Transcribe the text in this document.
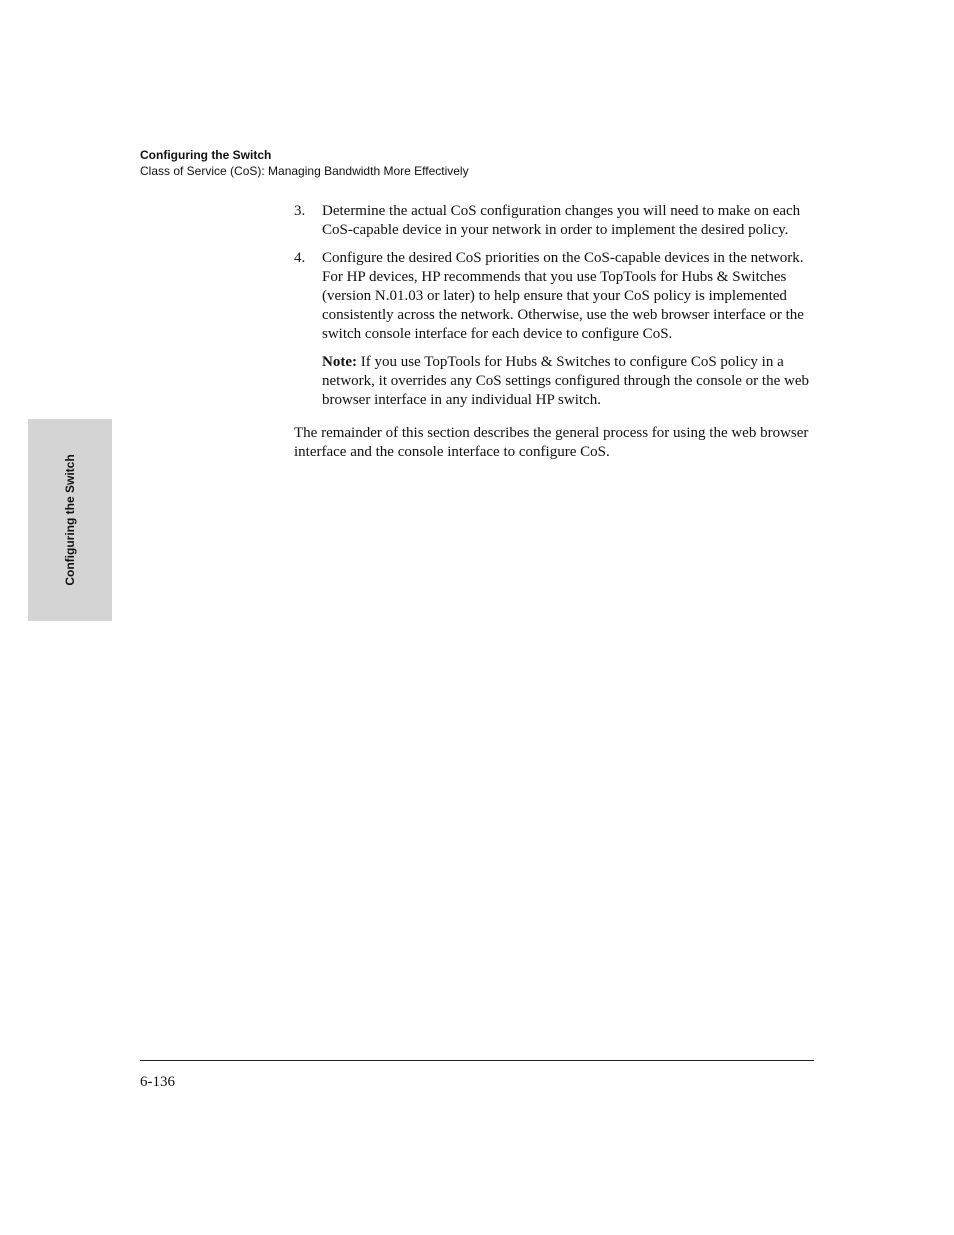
Configuring the Switch
Class of Service (CoS): Managing Bandwidth More Effectively
Configuring the Switch
3.	Determine the actual CoS configuration changes you will need to make on each CoS-capable device in your network in order to implement the desired policy.
4.	Configure the desired CoS priorities on the CoS-capable devices in the network. For HP devices, HP recommends that you use TopTools for Hubs & Switches (version N.01.03 or later) to help ensure that your CoS policy is implemented consistently across the network. Otherwise, use the web browser interface or the switch console interface for each device to configure CoS.
Note: If you use TopTools for Hubs & Switches to configure CoS policy in a network, it overrides any CoS settings configured through the console or the web browser interface in any individual HP switch.

The remainder of this section describes the general process for using the web browser interface and the console interface to configure CoS.

6-136
